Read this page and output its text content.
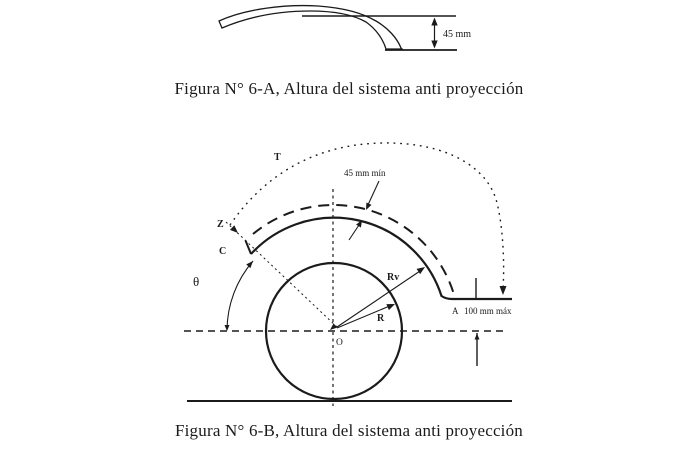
45 mm
T
Z
C
θ
45 mm mín
Rv
R
O
A 100 mm máx
Figura N° 6-A, Altura del sistema anti proyección
Figura N° 6-B, Altura del sistema anti proyección
